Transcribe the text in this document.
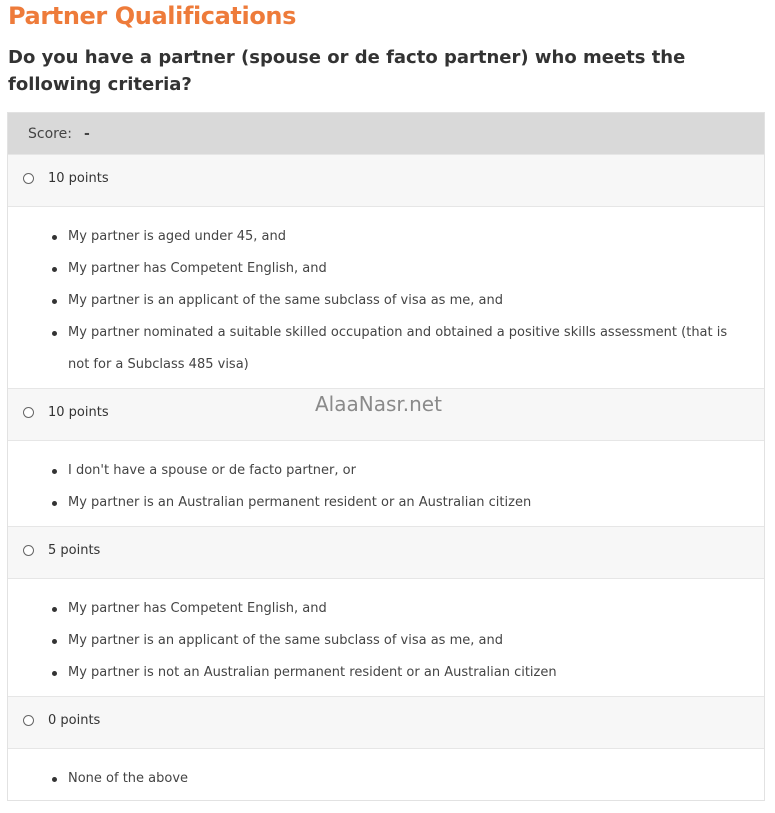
Partner Qualifications
Do you have a partner (spouse or de facto partner) who meets the following criteria?
Score: -
10 points
My partner is aged under 45, and
My partner has Competent English, and
My partner is an applicant of the same subclass of visa as me, and
My partner nominated a suitable skilled occupation and obtained a positive skills assessment (that is not for a Subclass 485 visa)
10 points
I don't have a spouse or de facto partner, or
My partner is an Australian permanent resident or an Australian citizen
5 points
My partner has Competent English, and
My partner is an applicant of the same subclass of visa as me, and
My partner is not an Australian permanent resident or an Australian citizen
0 points
None of the above
AlaaNasr.net
